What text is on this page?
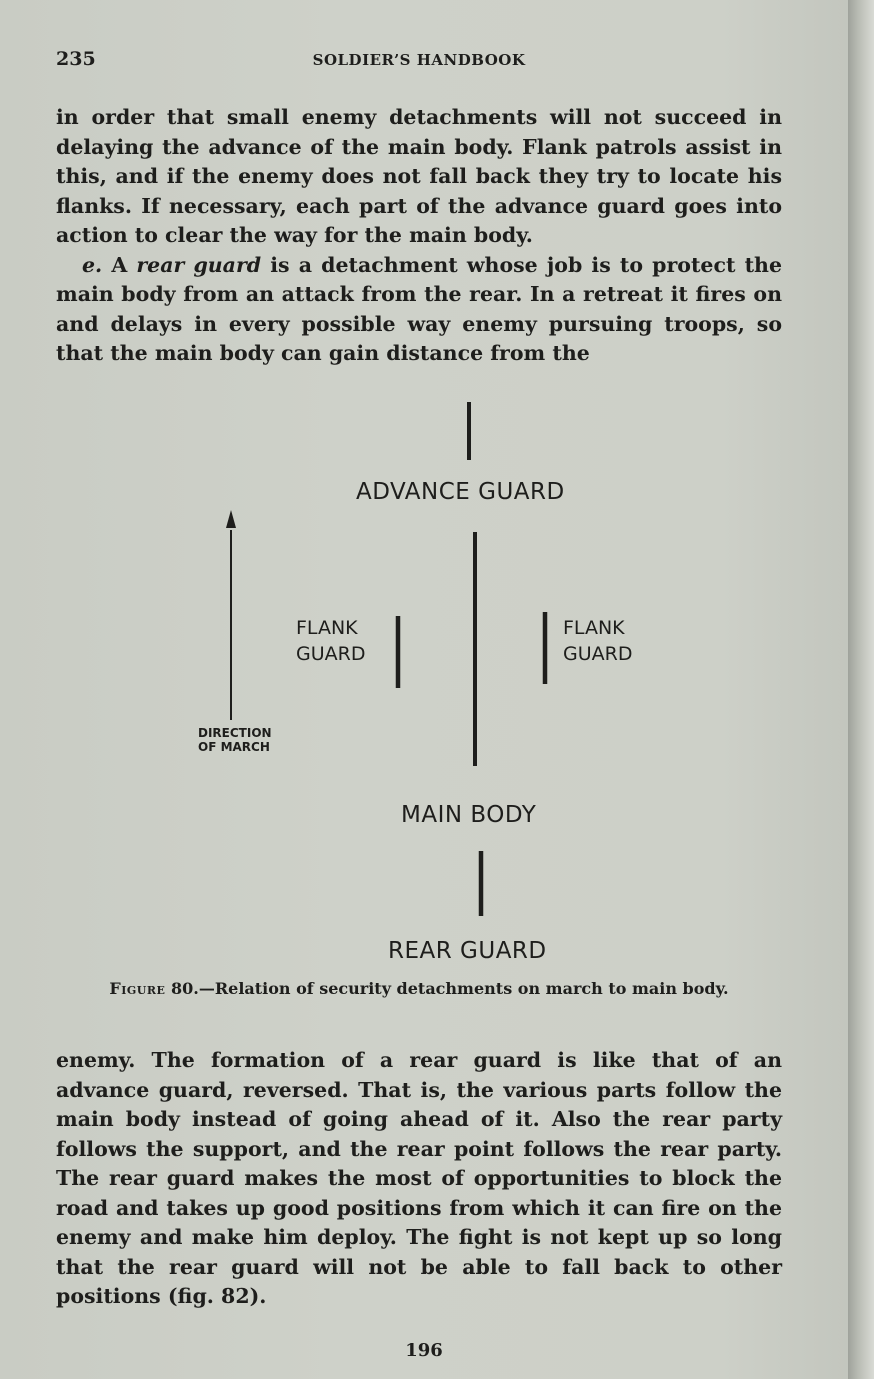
235	SOLDIER’S HANDBOOK
in order that small enemy detachments will not succeed in delaying the advance of the main body. Flank patrols assist in this, and if the enemy does not fall back they try to locate his flanks. If necessary, each part of the advance guard goes into action to clear the way for the main body.
e. A rear guard is a detachment whose job is to protect the main body from an attack from the rear. In a retreat it fires on and delays in every possible way enemy pursuing troops, so that the main body can gain distance from the
ADVANCE GUARD
FLANK
GUARD
FLANK
GUARD
DIRECTION
OF MARCH
MAIN BODY
REAR GUARD
Figure 80.—Relation of security detachments on march to main body.
enemy. The formation of a rear guard is like that of an advance guard, reversed. That is, the various parts follow the main body instead of going ahead of it. Also the rear party follows the support, and the rear point follows the rear party. The rear guard makes the most of opportunities to block the road and takes up good positions from which it can fire on the enemy and make him deploy. The fight is not kept up so long that the rear guard will not be able to fall back to other positions (fig. 82).
196
